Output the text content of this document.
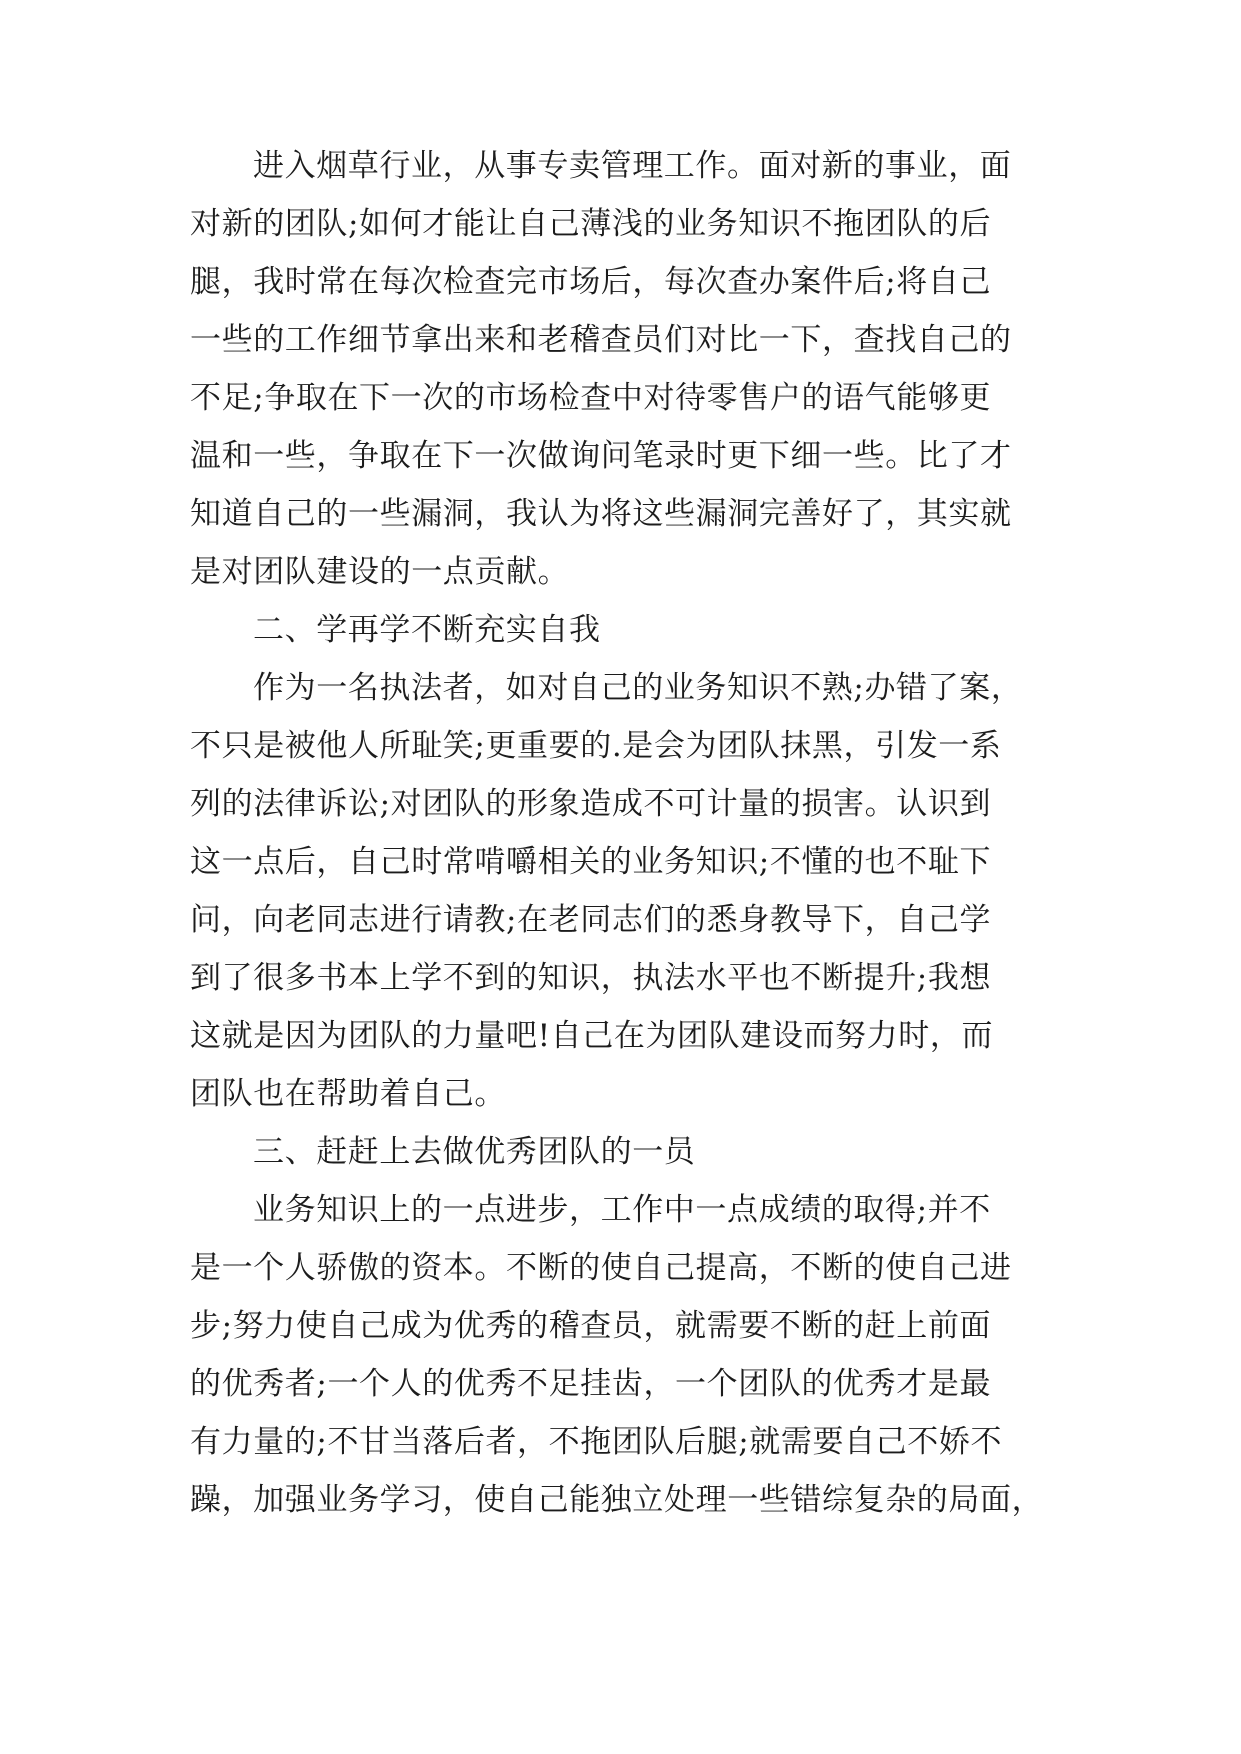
进入烟草行业，从事专卖管理工作。面对新的事业，面
对新的团队;如何才能让自己薄浅的业务知识不拖团队的后
腿，我时常在每次检查完市场后，每次查办案件后;将自己
一些的工作细节拿出来和老稽查员们对比一下，查找自己的
不足;争取在下一次的市场检查中对待零售户的语气能够更
温和一些，争取在下一次做询问笔录时更下细一些。比了才
知道自己的一些漏洞，我认为将这些漏洞完善好了，其实就
是对团队建设的一点贡献。
二、学再学不断充实自我
作为一名执法者，如对自己的业务知识不熟;办错了案，
不只是被他人所耻笑;更重要的.是会为团队抹黑，引发一系
列的法律诉讼;对团队的形象造成不可计量的损害。认识到
这一点后，自己时常啃嚼相关的业务知识;不懂的也不耻下
问，向老同志进行请教;在老同志们的悉身教导下，自己学
到了很多书本上学不到的知识，执法水平也不断提升;我想
这就是因为团队的力量吧!自己在为团队建设而努力时，而
团队也在帮助着自己。
三、赶赶上去做优秀团队的一员
业务知识上的一点进步，工作中一点成绩的取得;并不
是一个人骄傲的资本。不断的使自己提高，不断的使自己进
步;努力使自己成为优秀的稽查员，就需要不断的赶上前面
的优秀者;一个人的优秀不足挂齿，一个团队的优秀才是最
有力量的;不甘当落后者，不拖团队后腿;就需要自己不娇不
躁，加强业务学习，使自己能独立处理一些错综复杂的局面，
